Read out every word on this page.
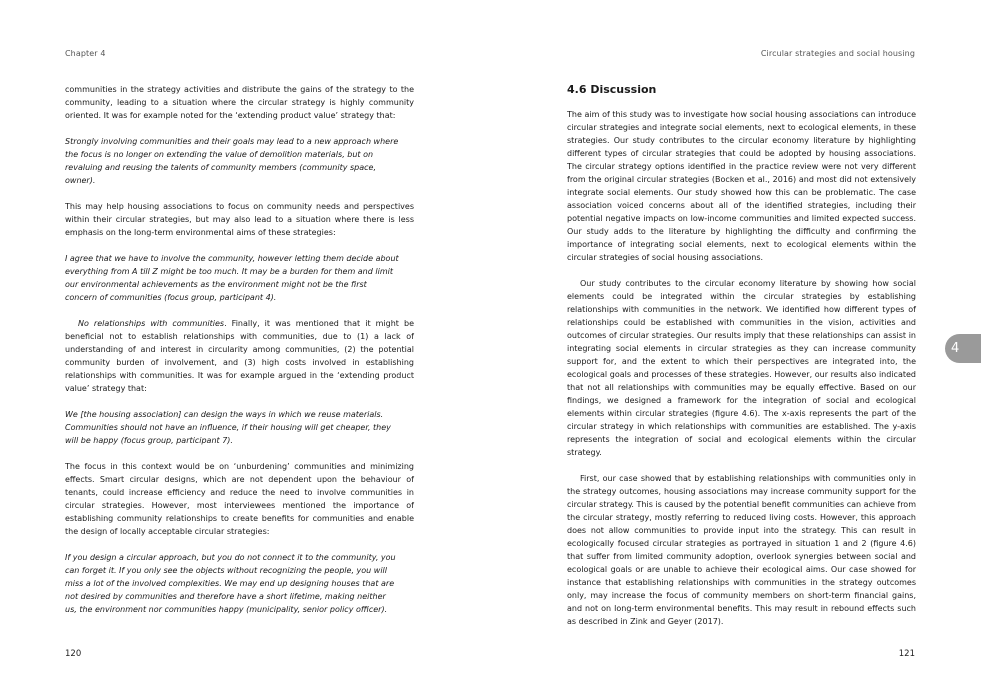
Chapter 4

communities in the strategy activities and distribute the gains of the strategy to the community, leading to a situation where the circular strategy is highly community oriented. It was for example noted for the ‘extending product value’ strategy that:

Strongly involving communities and their goals may lead to a new approach where the focus is no longer on extending the value of demolition materials, but on revaluing and reusing the talents of community members (community space, owner).

This may help housing associations to focus on community needs and perspectives within their circular strategies, but may also lead to a situation where there is less emphasis on the long-term environmental aims of these strategies:

I agree that we have to involve the community, however letting them decide about everything from A till Z might be too much. It may be a burden for them and limit our environmental achievements as the environment might not be the first concern of communities (focus group, participant 4).

No relationships with communities. Finally, it was mentioned that it might be beneficial not to establish relationships with communities, due to (1) a lack of understanding of and interest in circularity among communities, (2) the potential community burden of involvement, and (3) high costs involved in establishing relationships with communities. It was for example argued in the ‘extending product value’ strategy that:

We [the housing association] can design the ways in which we reuse materials. Communities should not have an influence, if their housing will get cheaper, they will be happy (focus group, participant 7).

The focus in this context would be on ‘unburdening’ communities and minimizing effects. Smart circular designs, which are not dependent upon the behaviour of tenants, could increase efficiency and reduce the need to involve communities in circular strategies. However, most interviewees mentioned the importance of establishing community relationships to create benefits for communities and enable the design of locally acceptable circular strategies:

If you design a circular approach, but you do not connect it to the community, you can forget it. If you only see the objects without recognizing the people, you will miss a lot of the involved complexities. We may end up designing houses that are not desired by communities and therefore have a short lifetime, making neither us, the environment nor communities happy (municipality, senior policy officer).

120
Circular strategies and social housing
4.6 Discussion

The aim of this study was to investigate how social housing associations can introduce circular strategies and integrate social elements, next to ecological elements, in these strategies. Our study contributes to the circular economy literature by highlighting different types of circular strategies that could be adopted by housing associations. The circular strategy options identified in the practice review were not very different from the original circular strategies (Bocken et al., 2016) and most did not extensively integrate social elements. Our study showed how this can be problematic. The case association voiced concerns about all of the identified strategies, including their potential negative impacts on low-income communities and limited expected success. Our study adds to the literature by highlighting the difficulty and confirming the importance of integrating social elements, next to ecological elements within the circular strategies of social housing associations.

Our study contributes to the circular economy literature by showing how social elements could be integrated within the circular strategies by establishing relationships with communities in the network. We identified how different types of relationships could be established with communities in the vision, activities and outcomes of circular strategies. Our results imply that these relationships can assist in integrating social elements in circular strategies as they can increase community support for, and the extent to which their perspectives are integrated into, the ecological goals and processes of these strategies. However, our results also indicated that not all relationships with communities may be equally effective. Based on our findings, we designed a framework for the integration of social and ecological elements within circular strategies (figure 4.6). The x-axis represents the part of the circular strategy in which relationships with communities are established. The y-axis represents the integration of social and ecological elements within the circular strategy.

First, our case showed that by establishing relationships with communities only in the strategy outcomes, housing associations may increase community support for the circular strategy. This is caused by the potential benefit communities can achieve from the circular strategy, mostly referring to reduced living costs. However, this approach does not allow communities to provide input into the strategy. This can result in ecologically focused circular strategies as portrayed in situation 1 and 2 (figure 4.6) that suffer from limited community adoption, overlook synergies between social and ecological goals or are unable to achieve their ecological aims. Our case showed for instance that establishing relationships with communities in the strategy outcomes only, may increase the focus of community members on short-term financial gains, and not on long-term environmental benefits. This may result in rebound effects such as described in Zink and Geyer (2017).

121
4
